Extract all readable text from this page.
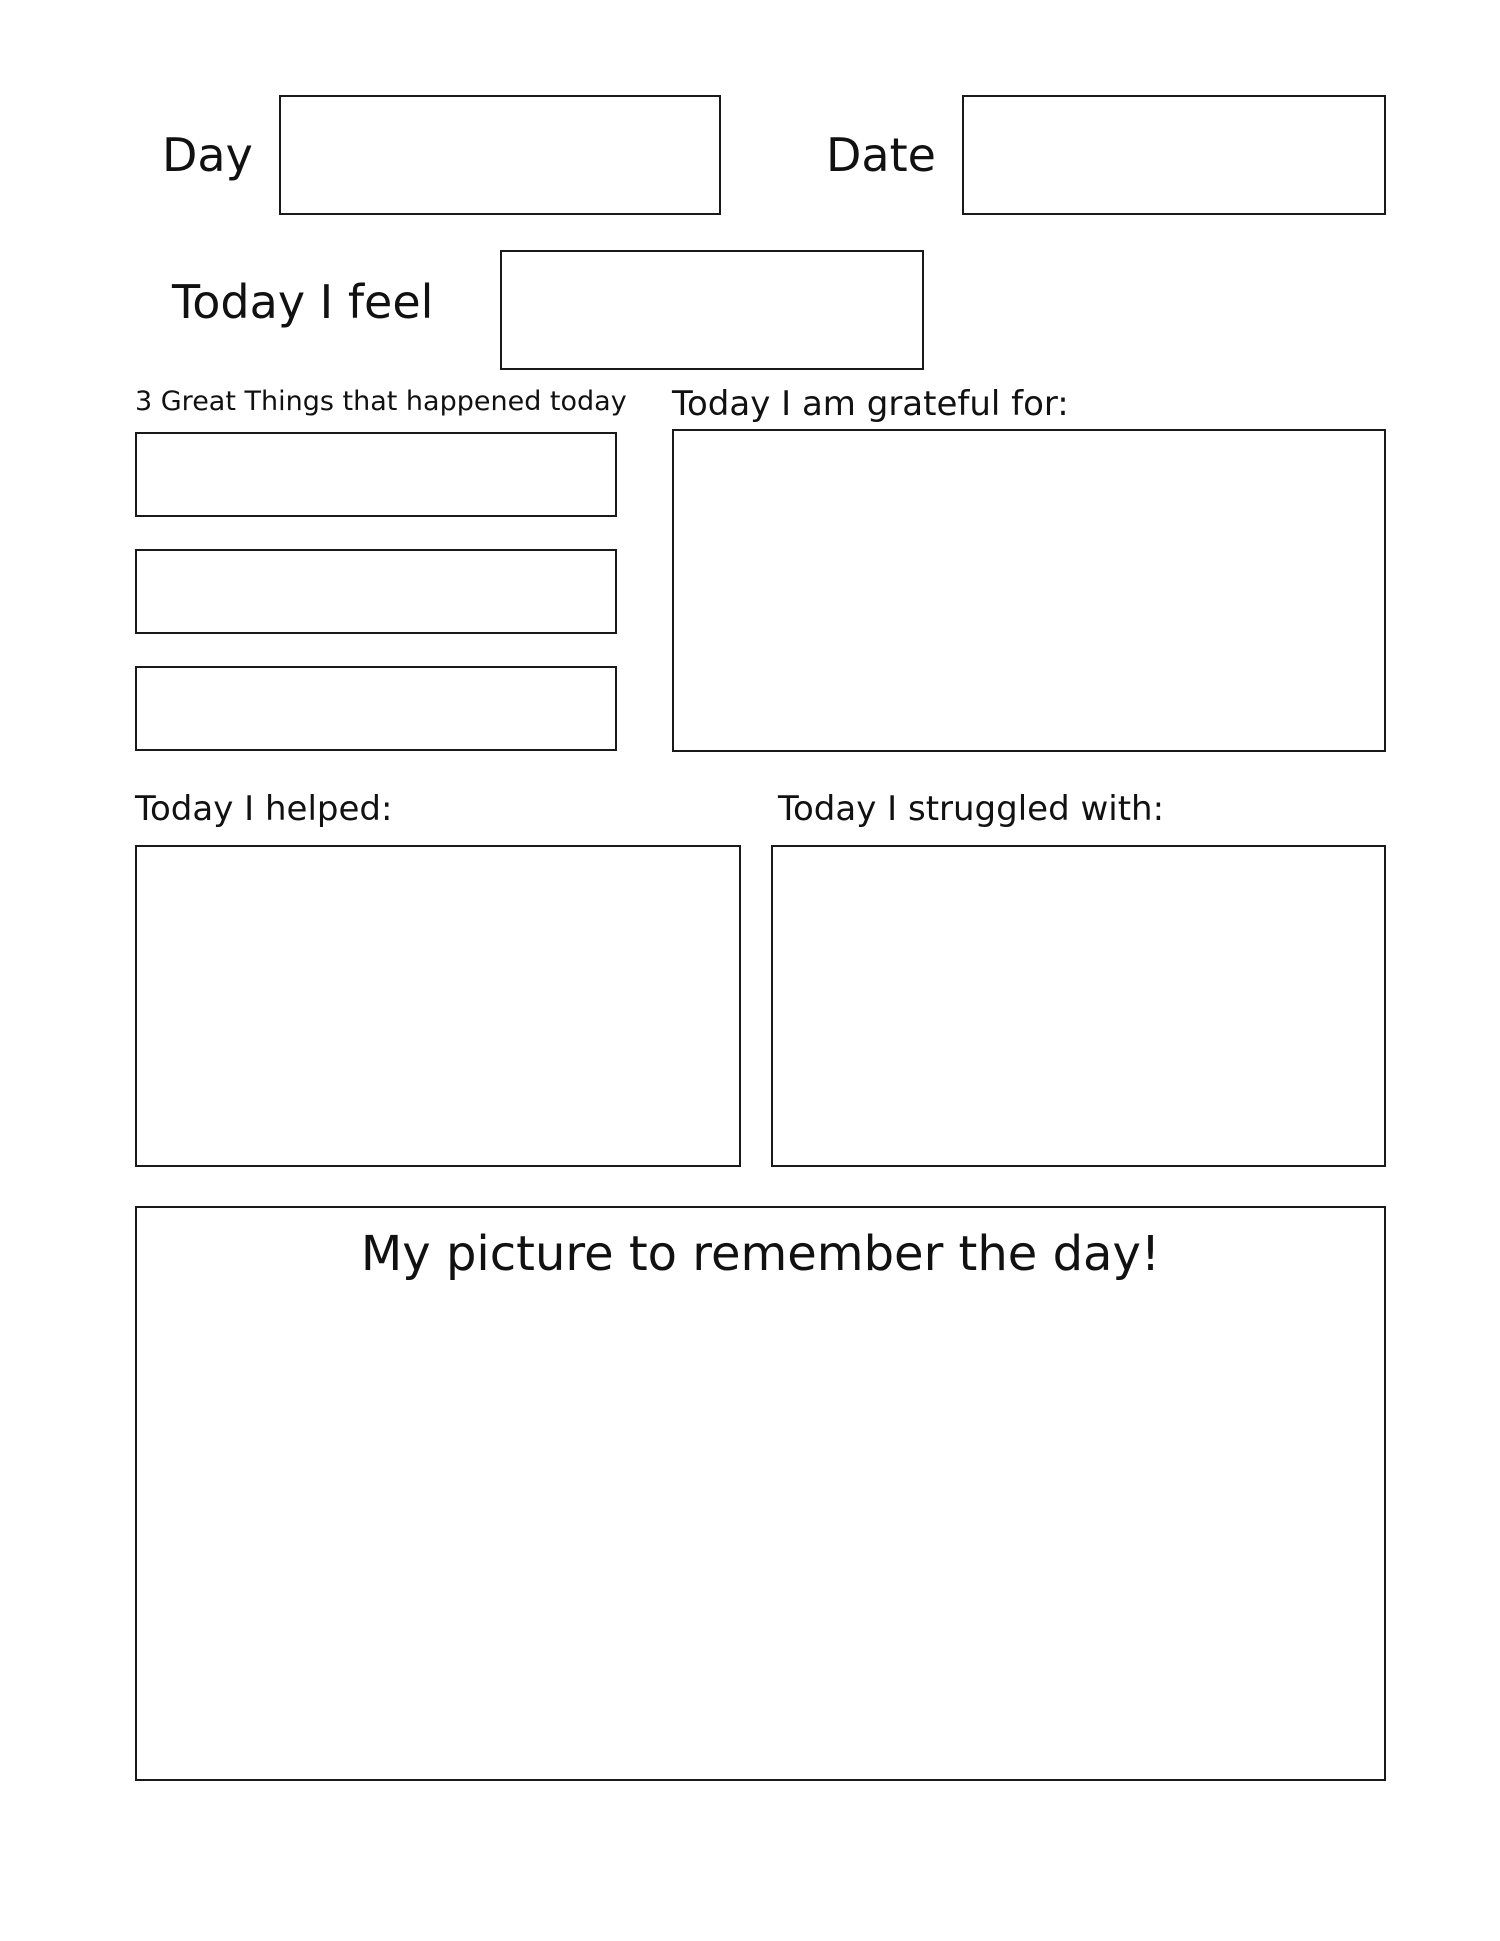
Day	Date
Today I feel
3 Great Things that happened today Today I am grateful for:
Today I helped:	Today I struggled with:
My picture to remember the day!
